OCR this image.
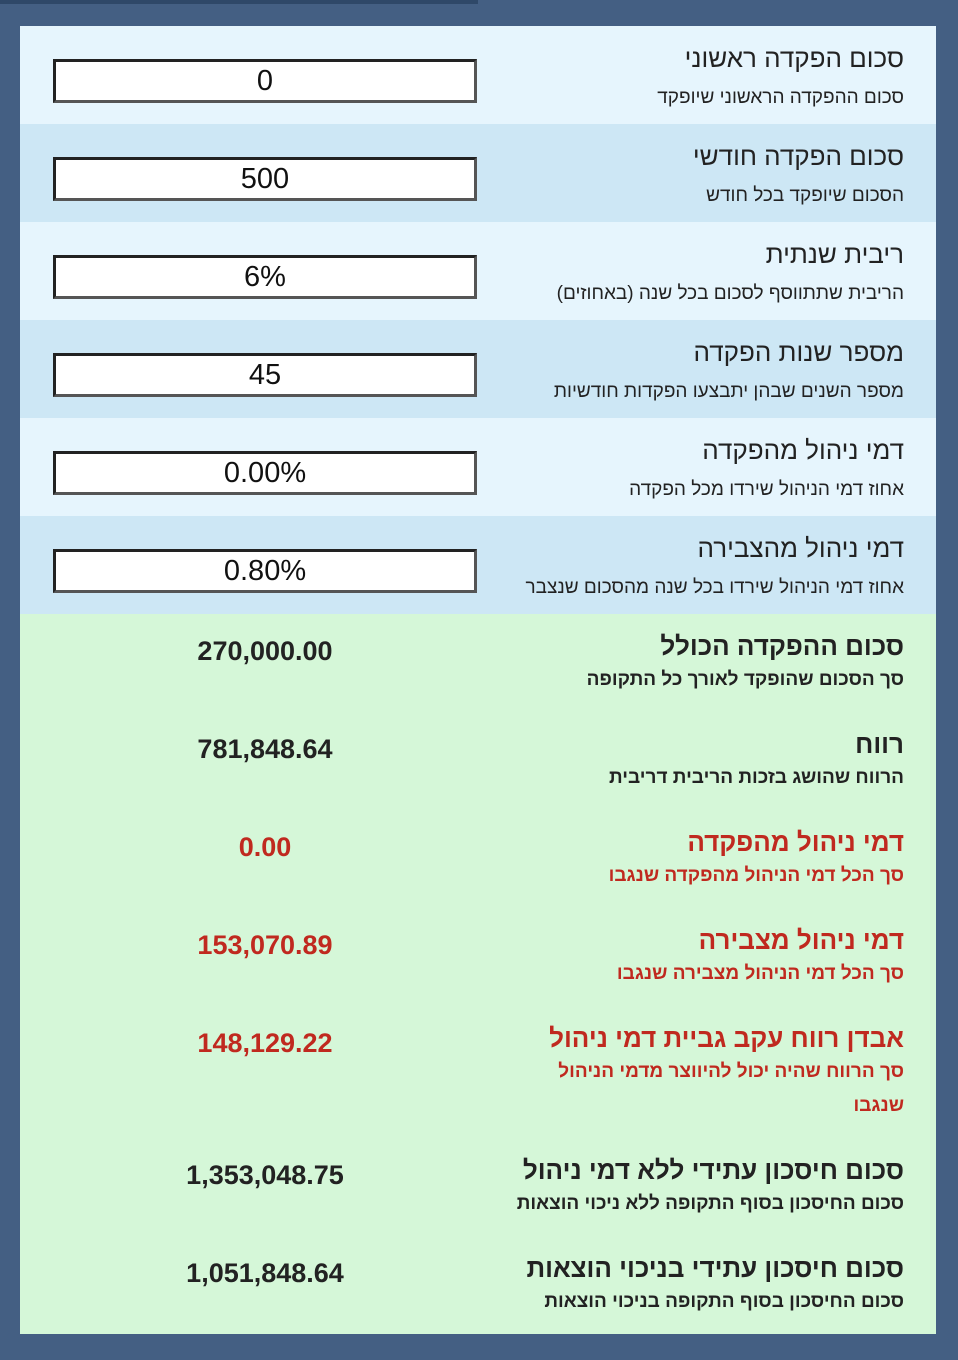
סכום הפקדה ראשוני
סכום ההפקדה הראשוני שיופקד
0
סכום הפקדה חודשי
הסכום שיופקד בכל חודש
500
ריבית שנתית
הריבית שתתווסף לסכום בכל שנה (באחוזים)
6%
מספר שנות הפקדה
מספר השנים שבהן יתבצעו הפקדות חודשיות
45
דמי ניהול מהפקדה
אחוז דמי הניהול שירדו מכל הפקדה
0.00%
דמי ניהול מהצבירה
אחוז דמי הניהול שירדו בכל שנה מהסכום שנצבר
0.80%
סכום ההפקדה הכולל
סך הסכום שהופקד לאורך כל התקופה
270,000.00
רווח
הרווח שהושג בזכות הריבית דריבית
781,848.64
דמי ניהול מהפקדה
סך הכל דמי הניהול מהפקדה שנגבו
0.00
דמי ניהול מצבירה
סך הכל דמי הניהול מצבירה שנגבו
153,070.89
אבדן רווח עקב גביית דמי ניהול
סך הרווח שהיה יכול להיווצר מדמי הניהול שנגבו
148,129.22
סכום חיסכון עתידי ללא דמי ניהול
סכום החיסכון בסוף התקופה ללא ניכוי הוצאות
1,353,048.75
סכום חיסכון עתידי בניכוי הוצאות
סכום החיסכון בסוף התקופה בניכוי הוצאות
1,051,848.64
